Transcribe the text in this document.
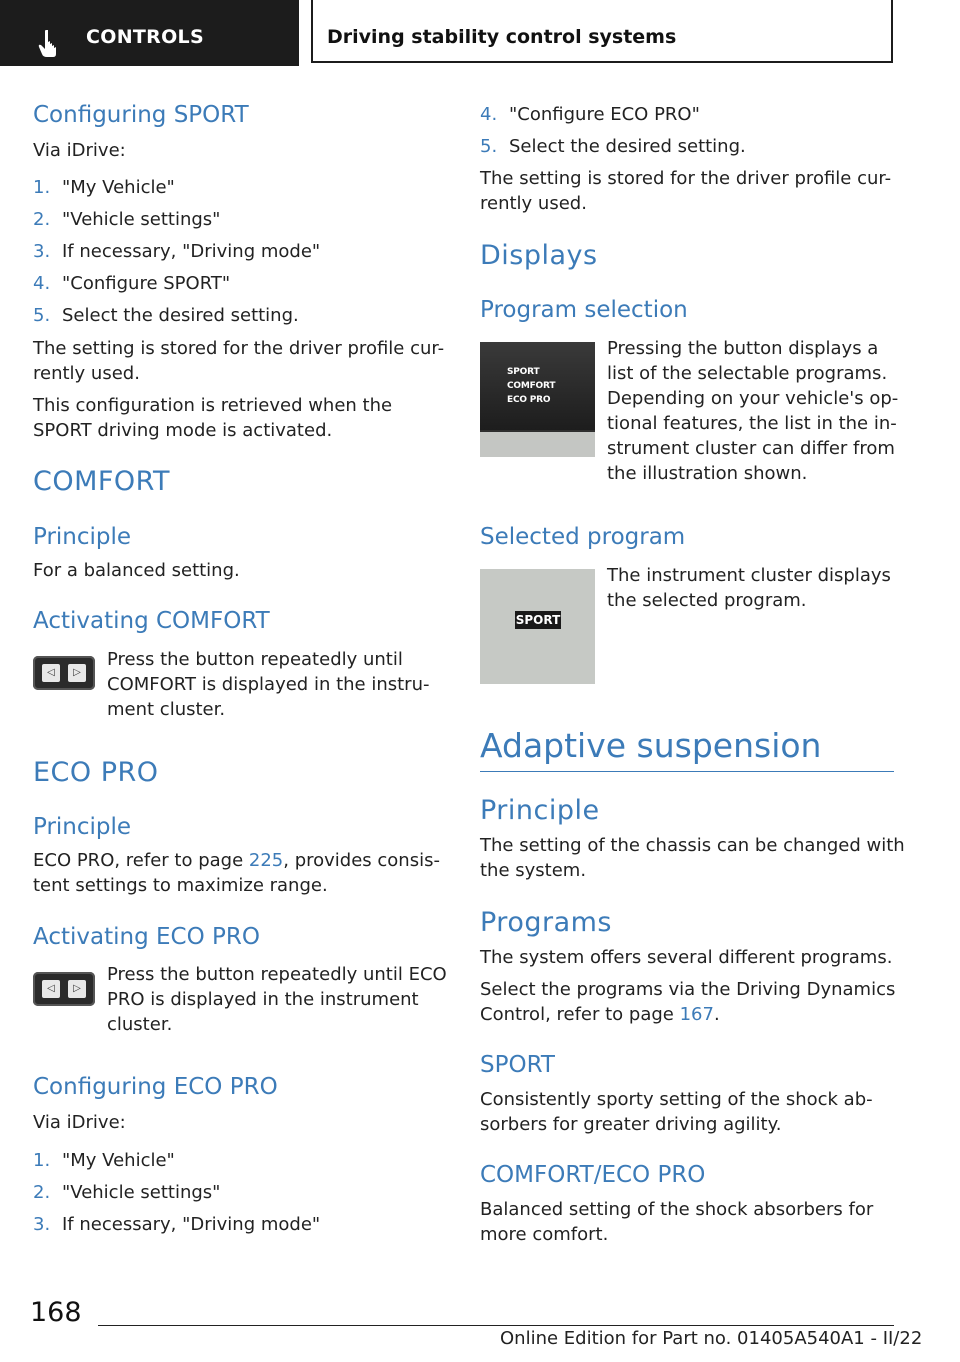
CONTROLS	Driving stability control systems
Configuring SPORT
Via iDrive:
1. "My Vehicle"
2. "Vehicle settings"
3. If necessary, "Driving mode"
4. "Configure SPORT"
5. Select the desired setting.
The setting is stored for the driver profile cur-
rently used.
This configuration is retrieved when the
SPORT driving mode is activated.
COMFORT
Principle
For a balanced setting.
Activating COMFORT
◁	▷
Press the button repeatedly until
COMFORT is displayed in the instru-
ment cluster.
ECO PRO
Principle
ECO PRO, refer to page 225, provides consis-
tent settings to maximize range.
Activating ECO PRO
◁	▷
Press the button repeatedly until ECO
PRO is displayed in the instrument
cluster.
Configuring ECO PRO
Via iDrive:
1. "My Vehicle"
2. "Vehicle settings"
3. If necessary, "Driving mode"
4. "Configure ECO PRO"
5. Select the desired setting.
The setting is stored for the driver profile cur-
rently used.
Displays
Program selection
SPORT
COMFORT
ECO PRO
Pressing the button displays a
list of the selectable programs.
Depending on your vehicle's op-
tional features, the list in the in-
strument cluster can differ from
the illustration shown.
Selected program
SPORT
The instrument cluster displays
the selected program.
Adaptive suspension
Principle
The setting of the chassis can be changed with
the system.
Programs
The system offers several different programs.
Select the programs via the Driving Dynamics
Control, refer to page 167.
SPORT
Consistently sporty setting of the shock ab-
sorbers for greater driving agility.
COMFORT/ECO PRO
Balanced setting of the shock absorbers for
more comfort.
168
Online Edition for Part no. 01405A540A1 - II/22
